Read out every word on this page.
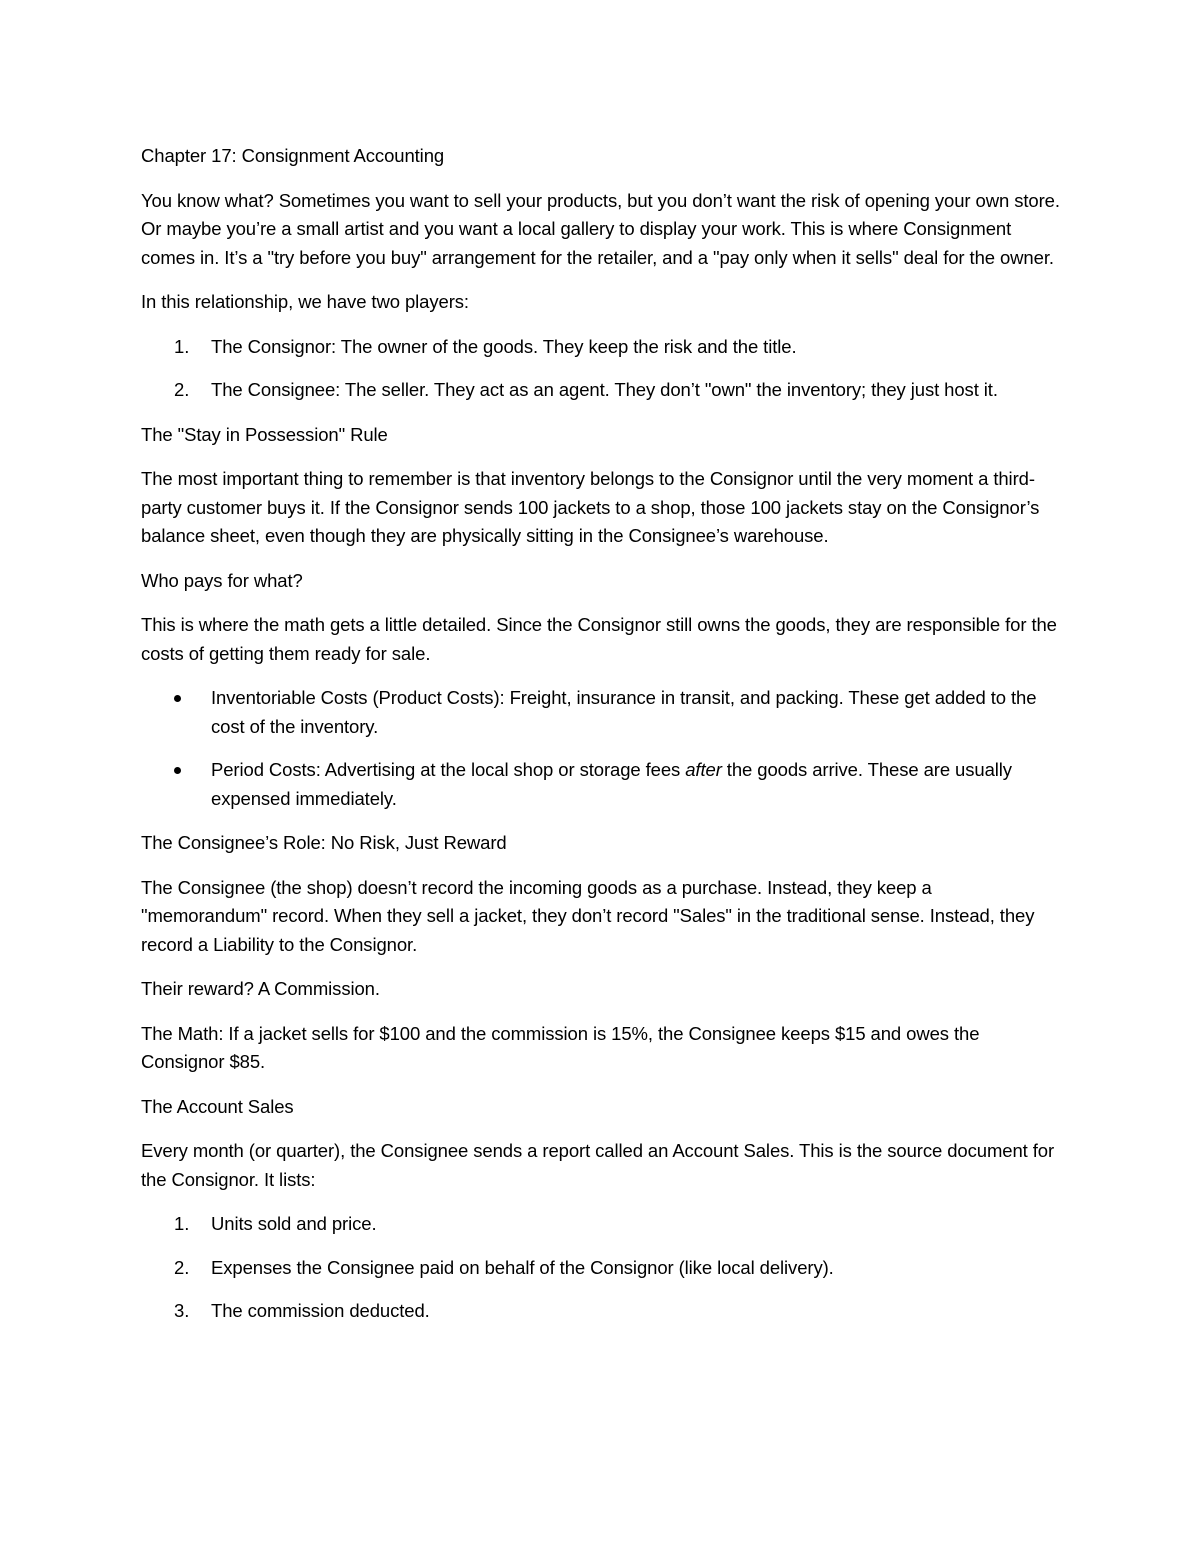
Chapter 17: Consignment Accounting

You know what? Sometimes you want to sell your products, but you don’t want the risk of opening your own store. Or maybe you’re a small artist and you want a local gallery to display your work. This is where Consignment comes in. It’s a "try before you buy" arrangement for the retailer, and a "pay only when it sells" deal for the owner.

In this relationship, we have two players:

1. The Consignor: The owner of the goods. They keep the risk and the title.
2. The Consignee: The seller. They act as an agent. They don’t "own" the inventory; they just host it.
The "Stay in Possession" Rule

The most important thing to remember is that inventory belongs to the Consignor until the very moment a third-party customer buys it. If the Consignor sends 100 jackets to a shop, those 100 jackets stay on the Consignor’s balance sheet, even though they are physically sitting in the Consignee’s warehouse.

Who pays for what?

This is where the math gets a little detailed. Since the Consignor still owns the goods, they are responsible for the costs of getting them ready for sale.

Inventoriable Costs (Product Costs): Freight, insurance in transit, and packing. These get added to the cost of the inventory.
Period Costs: Advertising at the local shop or storage fees after the goods arrive. These are usually expensed immediately.
The Consignee’s Role: No Risk, Just Reward

The Consignee (the shop) doesn’t record the incoming goods as a purchase. Instead, they keep a "memorandum" record. When they sell a jacket, they don’t record "Sales" in the traditional sense. Instead, they record a Liability to the Consignor.

Their reward? A Commission.

The Math: If a jacket sells for $100 and the commission is 15%, the Consignee keeps $15 and owes the Consignor $85.

The Account Sales

Every month (or quarter), the Consignee sends a report called an Account Sales. This is the source document for the Consignor. It lists:

1. Units sold and price.
2. Expenses the Consignee paid on behalf of the Consignor (like local delivery).
3. The commission deducted.
